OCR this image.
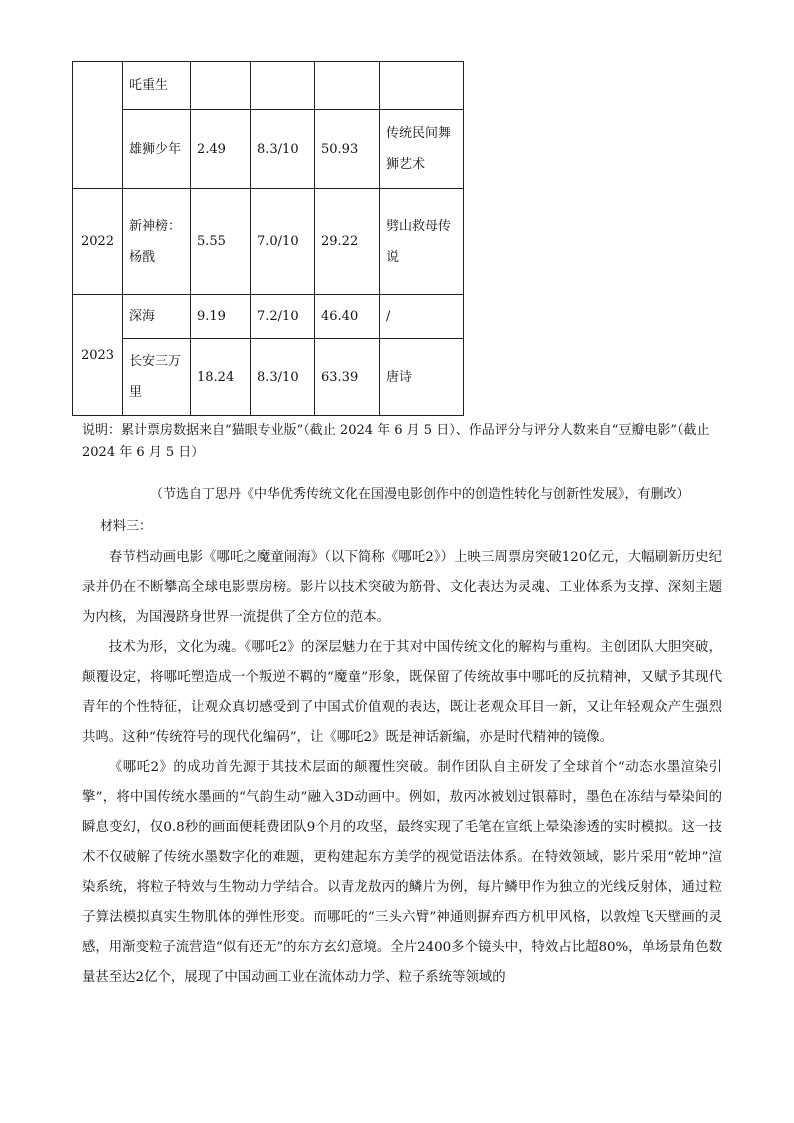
	吒重生				
	雄狮少年	2.49	8.3/10	50.93	传统民间舞狮艺术
2022	新神榜：杨戬	5.55	7.0/10	29.22	劈山救母传说
2023	深海	9.19	7.2/10	46.40	/
	长安三万里	18.24	8.3/10	63.39	唐诗
说明：累计票房数据来自“猫眼专业版”（截止 2024 年 6 月 5 日）、作品评分与评分人数来自“豆瓣电影”（截止 2024 年 6 月 5 日）
（节选自丁思丹《中华优秀传统文化在国漫电影创作中的创造性转化与创新性发展》，有删改）
材料三：

春节档动画电影《哪吒之魔童闹海》（以下简称《哪吒2》）上映三周票房突破120亿元，大幅刷新历史纪录并仍在不断攀高全球电影票房榜。影片以技术突破为筋骨、文化表达为灵魂、工业体系为支撑、深刻主题为内核，为国漫跻身世界一流提供了全方位的范本。

技术为形，文化为魂。《哪吒2》的深层魅力在于其对中国传统文化的解构与重构。主创团队大胆突破，颠覆设定，将哪吒塑造成一个叛逆不羁的“魔童”形象，既保留了传统故事中哪吒的反抗精神，又赋予其现代青年的个性特征，让观众真切感受到了中国式价值观的表达，既让老观众耳目一新，又让年轻观众产生强烈共鸣。这种“传统符号的现代化编码”，让《哪吒2》既是神话新编，亦是时代精神的镜像。

《哪吒2》的成功首先源于其技术层面的颠覆性突破。制作团队自主研发了全球首个“动态水墨渲染引擎”，将中国传统水墨画的“气韵生动”融入3D动画中。例如，敖丙冰被划过银幕时，墨色在冻结与晕染间的瞬息变幻，仅0.8秒的画面便耗费团队9个月的攻坚，最终实现了毛笔在宣纸上晕染渗透的实时模拟。这一技术不仅破解了传统水墨数字化的难题，更构建起东方美学的视觉语法体系。在特效领域，影片采用“乾坤”渲染系统，将粒子特效与生物动力学结合。以青龙敖丙的鳞片为例，每片鳞甲作为独立的光线反射体，通过粒子算法模拟真实生物肌体的弹性形变。而哪吒的“三头六臂”神通则摒弃西方机甲风格，以敦煌飞天壁画的灵感，用渐变粒子流营造“似有还无”的东方玄幻意境。全片2400多个镜头中，特效占比超80%，单场景角色数量甚至达2亿个，展现了中国动画工业在流体动力学、粒子系统等领域的
